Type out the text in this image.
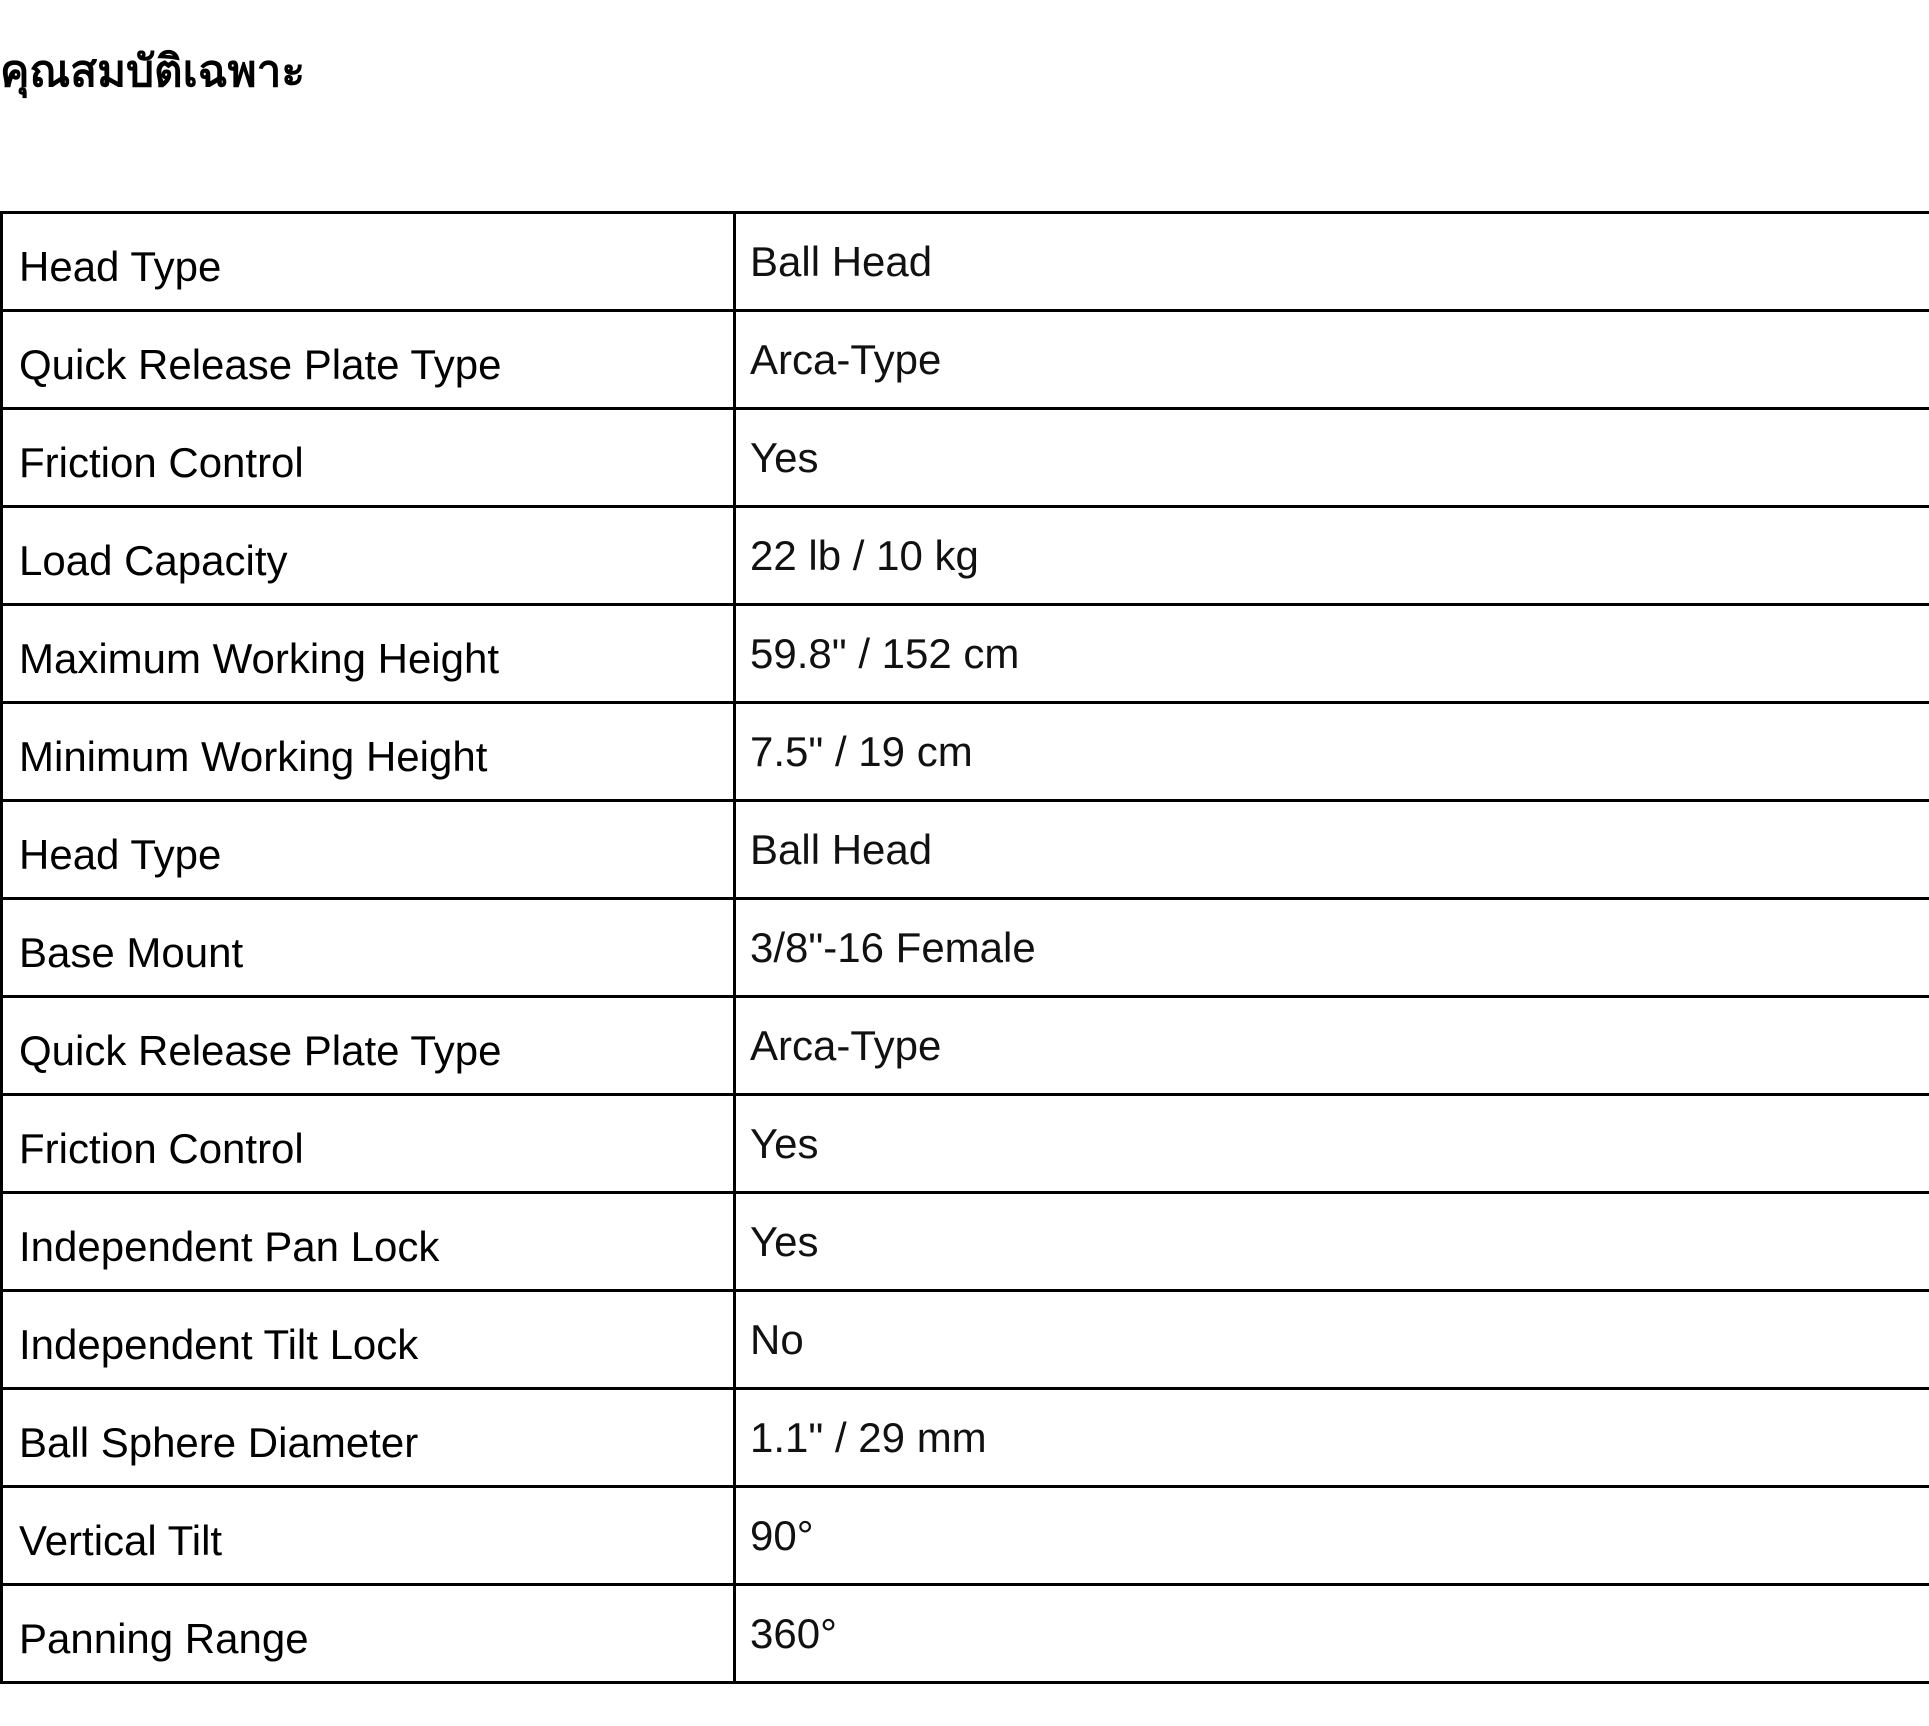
คุณสมบัติเฉพาะ
Head Type	Ball Head

Quick Release Plate Type	Arca-Type

Friction Control	Yes

Load Capacity	22 lb / 10 kg

Maximum Working Height	59.8" / 152 cm

Minimum Working Height	7.5" / 19 cm

Head Type	Ball Head

Base Mount	3/8"-16 Female

Quick Release Plate Type	Arca-Type

Friction Control	Yes

Independent Pan Lock	Yes

Independent Tilt Lock	No

Ball Sphere Diameter	1.1" / 29 mm

Vertical Tilt	90°

Panning Range	360°
